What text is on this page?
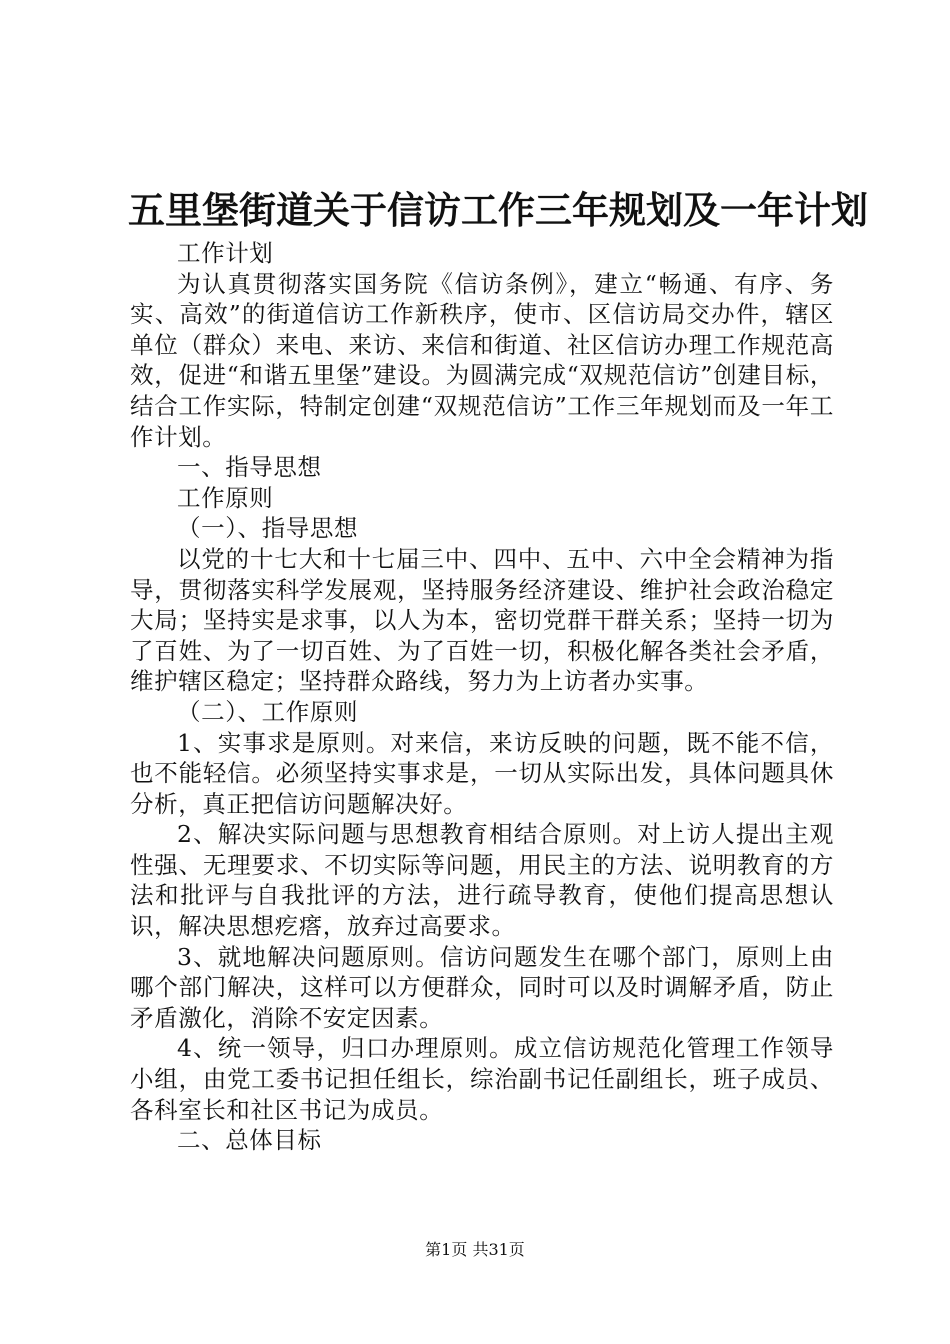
五里堡街道关于信访工作三年规划及一年计划

工作计划

为认真贯彻落实国务院《信访条例》，建立“畅通、有序、务实、高效”的街道信访工作新秩序，使市、区信访局交办件，辖区单位（群众）来电、来访、来信和街道、社区信访办理工作规范高效，促进“和谐五里堡”建设。为圆满完成“双规范信访”创建目标，结合工作实际，特制定创建“双规范信访”工作三年规划而及一年工作计划。

一、指导思想

工作原则

（一）、指导思想

以党的十七大和十七届三中、四中、五中、六中全会精神为指导，贯彻落实科学发展观，坚持服务经济建设、维护社会政治稳定大局；坚持实是求事，以人为本，密切党群干群关系；坚持一切为了百姓、为了一切百姓、为了百姓一切，积极化解各类社会矛盾，维护辖区稳定；坚持群众路线，努力为上访者办实事。

（二）、工作原则

1、实事求是原则。对来信，来访反映的问题，既不能不信，也不能轻信。必须坚持实事求是，一切从实际出发，具体问题具休分析，真正把信访问题解决好。

2、解决实际问题与思想教育相结合原则。对上访人提出主观性强、无理要求、不切实际等问题，用民主的方法、说明教育的方法和批评与自我批评的方法，进行疏导教育，使他们提高思想认识，解决思想疙瘩，放弃过高要求。

3、就地解决问题原则。信访问题发生在哪个部门，原则上由哪个部门解决，这样可以方便群众，同时可以及时调解矛盾，防止矛盾激化，消除不安定因素。

4、统一领导，归口办理原则。成立信访规范化管理工作领导小组，由党工委书记担任组长，综治副书记任副组长，班子成员、各科室长和社区书记为成员。

二、总体目标

第1页 共31页
